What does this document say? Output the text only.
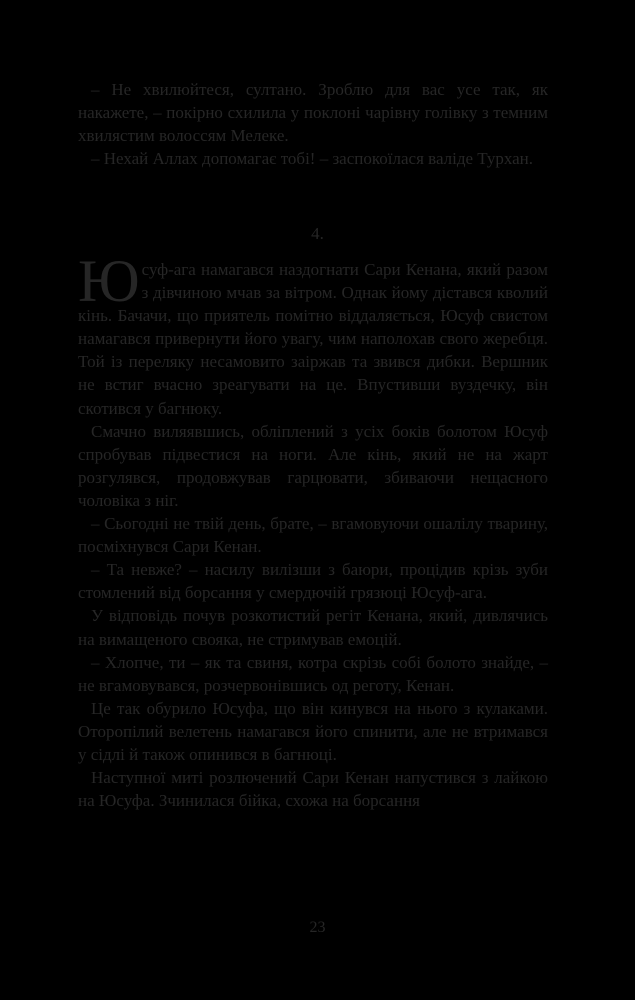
– Не хвилюйтеся, султано. Зроблю для вас усе так, як накажете, – покірно схилила у поклоні чарівну голівку з темним хвилястим волоссям Мелеке.

– Нехай Аллах допомагає тобі! – заспокоїлася валіде Турхан.

4.

Юсуф-ага намагався наздогнати Сари Кенана, який разом з дівчиною мчав за вітром. Однак йому дістався кволий кінь. Бачачи, що приятель помітно віддаляється, Юсуф свистом намагався привернути його увагу, чим наполохав свого жеребця. Той із переляку несамовито заіржав та звився дибки. Вершник не встиг вчасно зреагувати на це. Впустивши вуздечку, він скотився у багнюку.

Смачно виляявшись, обліплений з усіх боків болотом Юсуф спробував підвестися на ноги. Але кінь, який не на жарт розгулявся, продовжував гарцювати, збиваючи нещасного чоловіка з ніг.

– Сьогодні не твій день, брате, – вгамовуючи ошалілу тварину, посміхнувся Сари Кенан.

– Та невже? – насилу вилізши з баюри, процідив крізь зуби стомлений від борсання у смердючій грязюці Юсуф-ага.

У відповідь почув розкотистий регіт Кенана, який, дивлячись на вимащеного свояка, не стримував емоцій.

– Хлопче, ти – як та свиня, котра скрізь собі болото знайде, – не вгамовувався, розчервонівшись од реготу, Кенан.

Це так обурило Юсуфа, що він кинувся на нього з кулаками. Оторопілий велетень намагався його спинити, але не втримався у сідлі й також опинився в багнюці.

Наступної миті розлючений Сари Кенан напустився з лайкою на Юсуфа. Зчинилася бійка, схожа на борсання

23
